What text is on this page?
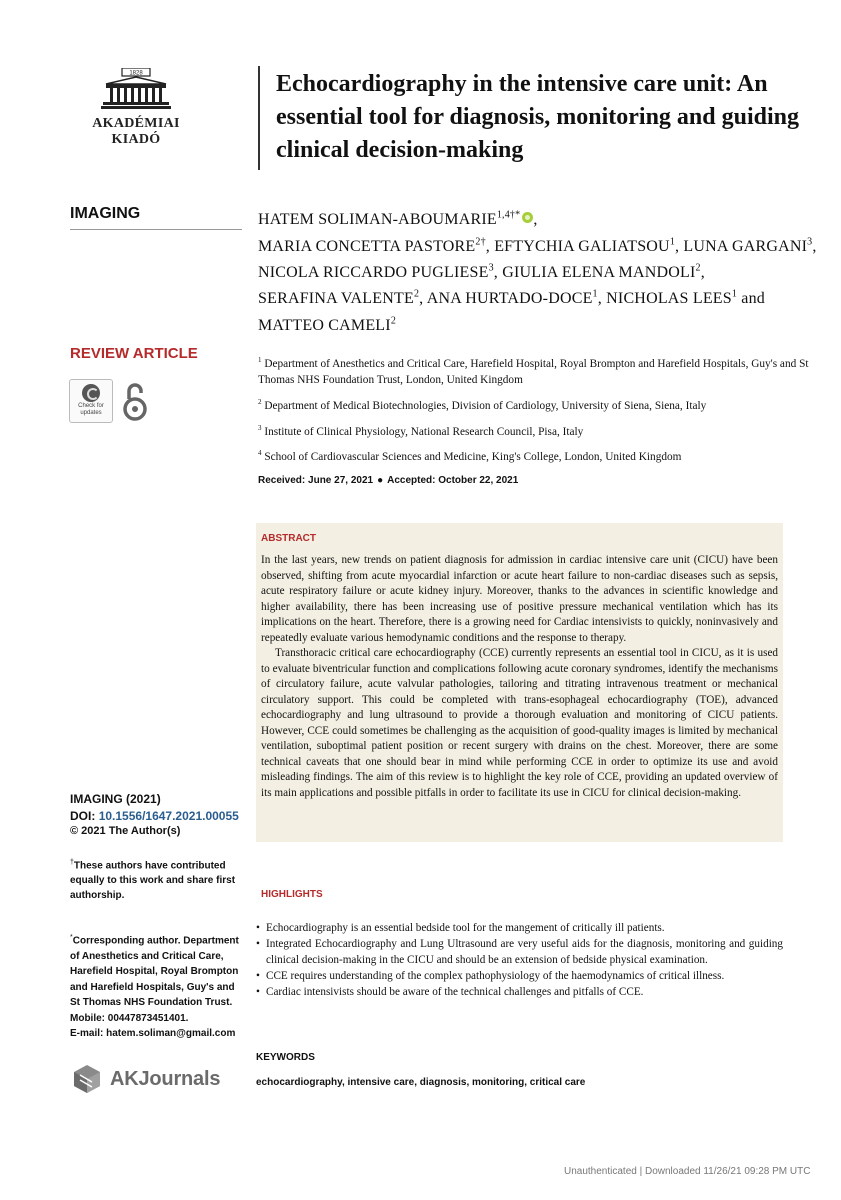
1828
AKADÉMIAI KIADÓ
Echocardiography in the intensive care unit: An essential tool for diagnosis, monitoring and guiding clinical decision-making
IMAGING
REVIEW ARTICLE
Check for updates
IMAGING (2021)
DOI: 10.1556/1647.2021.00055
© 2021 The Author(s)
†These authors have contributed equally to this work and share first authorship.
*Corresponding author. Department of Anesthetics and Critical Care, Harefield Hospital, Royal Brompton and Harefield Hospitals, Guy's and St Thomas NHS Foundation Trust. Mobile: 00447873451401.
E-mail: hatem.soliman@gmail.com
AKJournals
HATEM SOLIMAN-$ABOUMARIE^{1,4\dagger*}$ ,
MARIA CONCETTA $PASTORE^{2\dagger}$, EFTYCHIA GALIATSOU$^1$, LUNA GARGANI$^3$,
NICOLA RICCARDO PUGLIESE$^3$, GIULIA ELENA MANDOLI$^2$,
SERAFINA VALENTE$^2$, ANA HURTADO-DOCE$^1$, NICHOLAS LEES$^1$ and
MATTEO CAMELI$^2$
$^1$ Department of Anesthetics and Critical Care, Harefield Hospital, Royal Brompton and Harefield Hospitals, Guy's and St Thomas NHS Foundation Trust, London, United Kingdom
$^2$ Department of Medical Biotechnologies, Division of Cardiology, University of Siena, Siena, Italy
$^3$ Institute of Clinical Physiology, National Research Council, Pisa, Italy
$^4$ School of Cardiovascular Sciences and Medicine, King's College, London, United Kingdom
Received: June 27, 2021 ● Accepted: October 22, 2021
ABSTRACT

In the last years, new trends on patient diagnosis for admission in cardiac intensive care unit (CICU) have been observed, shifting from acute myocardial infarction or acute heart failure to non-cardiac diseases such as sepsis, acute respiratory failure or acute kidney injury. Moreover, thanks to the advances in scientific knowledge and higher availability, there has been increasing use of positive pressure mechanical ventilation which has its implications on the heart. Therefore, there is a growing need for Cardiac intensivists to quickly, noninvasively and repeatedly evaluate various hemodynamic conditions and the response to therapy.

Transthoracic critical care echocardiography (CCE) currently represents an essential tool in CICU, as it is used to evaluate biventricular function and complications following acute coronary syndromes, identify the mechanisms of circulatory failure, acute valvular pathologies, tailoring and titrating intravenous treatment or mechanical circulatory support. This could be completed with trans-esophageal echocardiography (TOE), advanced echocardiography and lung ultrasound to provide a thorough evaluation and monitoring of CICU patients. However, CCE could sometimes be challenging as the acquisition of good-quality images is limited by mechanical ventilation, suboptimal patient position or recent surgery with drains on the chest. Moreover, there are some technical caveats that one should bear in mind while performing CCE in order to optimize its use and avoid misleading findings. The aim of this review is to highlight the key role of CCE, providing an updated overview of its main applications and possible pitfalls in order to facilitate its use in CICU for clinical decision-making.

HIGHLIGHTS
• Echocardiography is an essential bedside tool for the mangement of critically ill patients.
• Integrated Echocardiography and Lung Ultrasound are very useful aids for the diagnosis, monitoring and guiding clinical decision-making in the CICU and should be an extension of bedside physical examination.
• CCE requires understanding of the complex pathophysiology of the haemodynamics of critical illness.
• Cardiac intensivists should be aware of the technical challenges and pitfalls of CCE.
KEYWORDS
echocardiography, intensive care, diagnosis, monitoring, critical care
Unauthenticated | Downloaded 11/26/21 09:28 PM UTC
